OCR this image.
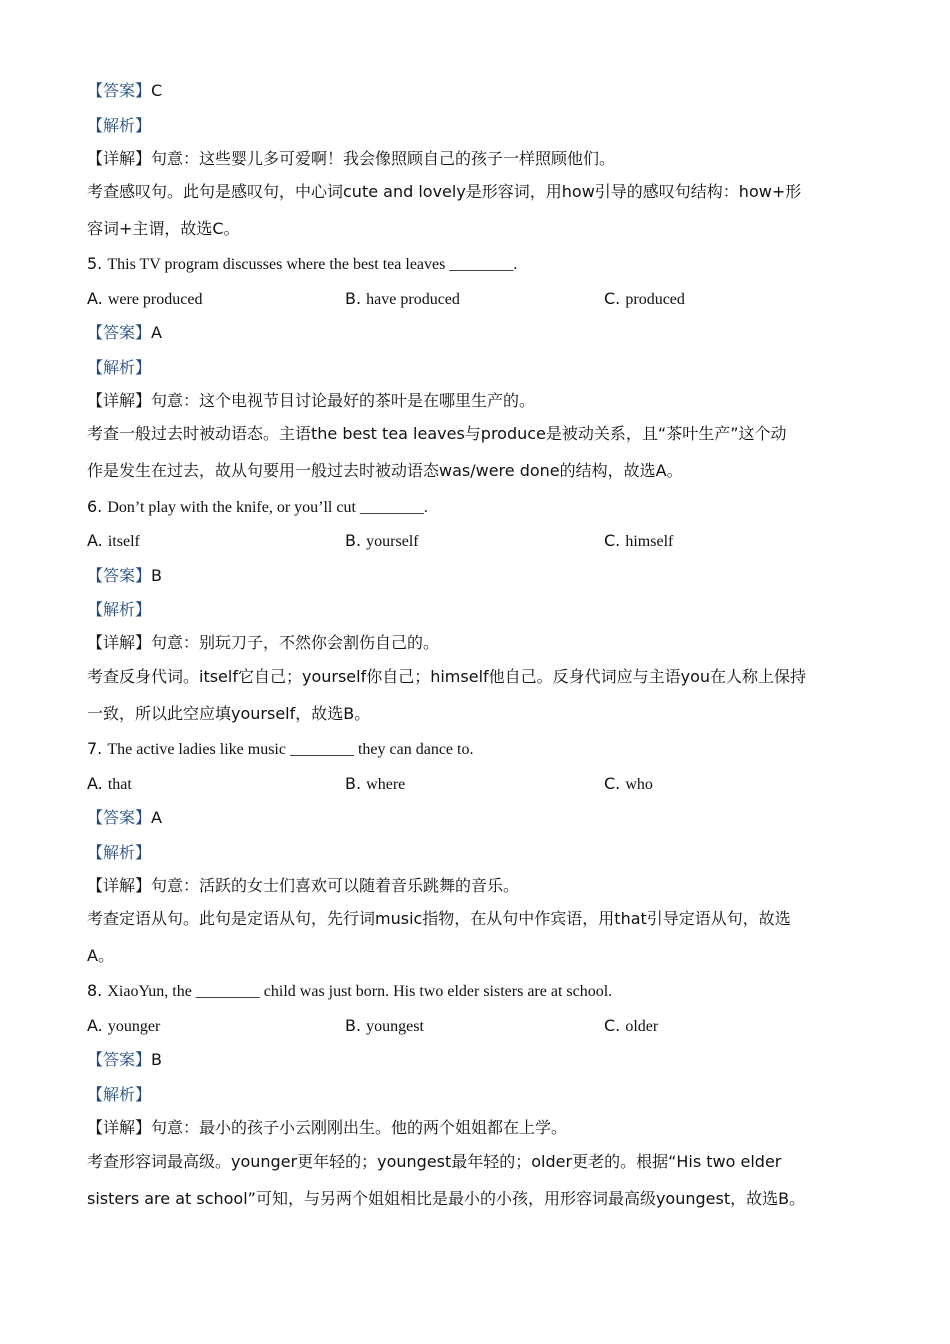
【答案】C
【解析】
【详解】句意：这些婴儿多可爱啊！我会像照顾自己的孩子一样照顾他们。
考查感叹句。此句是感叹句，中心词cute and lovely是形容词，用how引导的感叹句结构：how+形
容词+主谓，故选C。
5. This TV program discusses where the best tea leaves ________.
A. were produced	B. have produced	C. produced
【答案】A
【解析】
【详解】句意：这个电视节目讨论最好的茶叶是在哪里生产的。
考查一般过去时被动语态。主语the best tea leaves与produce是被动关系，且“茶叶生产”这个动
作是发生在过去，故从句要用一般过去时被动语态was/were done的结构，故选A。
6. Don’t play with the knife, or you’ll cut ________.
A. itself	B. yourself	C. himself
【答案】B
【解析】
【详解】句意：别玩刀子，不然你会割伤自己的。
考查反身代词。itself它自己；yourself你自己；himself他自己。反身代词应与主语you在人称上保持
一致，所以此空应填yourself，故选B。
7. The active ladies like music ________ they can dance to.
A. that	B. where	C. who
【答案】A
【解析】
【详解】句意：活跃的女士们喜欢可以随着音乐跳舞的音乐。
考查定语从句。此句是定语从句，先行词music指物，在从句中作宾语，用that引导定语从句，故选
A。
8. XiaoYun, the ________ child was just born. His two elder sisters are at school.
A. younger	B. youngest	C. older
【答案】B
【解析】
【详解】句意：最小的孩子小云刚刚出生。他的两个姐姐都在上学。
考查形容词最高级。younger更年轻的；youngest最年轻的；older更老的。根据“His two elder
sisters are at school”可知，与另两个姐姐相比是最小的小孩，用形容词最高级youngest，故选B。
